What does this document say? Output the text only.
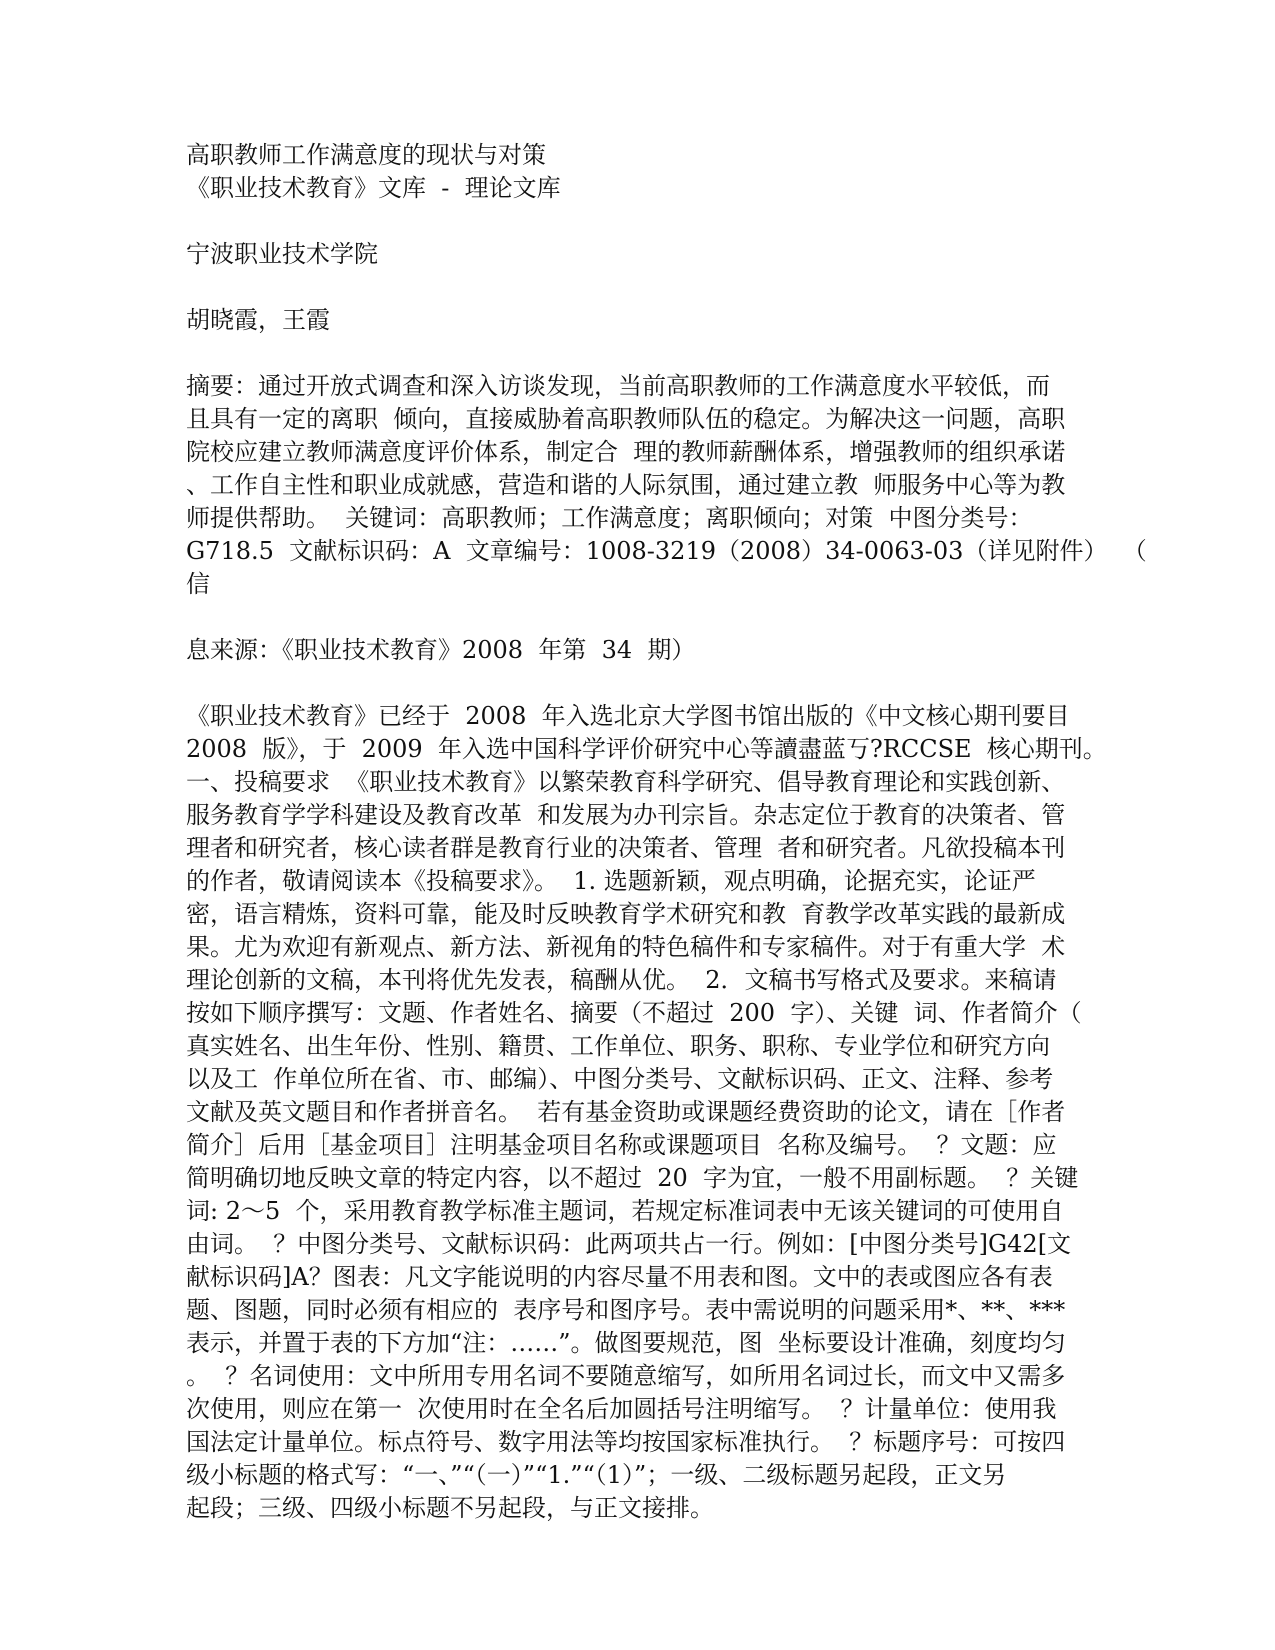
高职教师工作满意度的现状与对策

《职业技术教育》文库  -  理论文库

宁波职业技术学院

胡晓霞，王霞

摘要：通过开放式调查和深入访谈发现，当前高职教师的工作满意度水平较低，而

且具有一定的离职  倾向，直接威胁着高职教师队伍的稳定。为解决这一问题，高职

院校应建立教师满意度评价体系，制定合  理的教师薪酬体系，增强教师的组织承诺

、工作自主性和职业成就感，营造和谐的人际氛围，通过建立教  师服务中心等为教

师提供帮助。  关键词：高职教师；工作满意度；离职倾向；对策  中图分类号：

G718.5  文献标识码：A  文章编号：1008-3219（2008）34-0063-03（详见附件）  （

信

息来源：《职业技术教育》2008  年第  34  期）

《职业技术教育》已经于  2008  年入选北京大学图书馆出版的《中文核心期刊要目

2008  版》，于  2009  年入选中国科学评价研究中心等讀盡蓝丂?RCCSE  核心期刊。

一、投稿要求  《职业技术教育》以繁荣教育科学研究、倡导教育理论和实践创新、

服务教育学学科建设及教育改革  和发展为办刊宗旨。杂志定位于教育的决策者、管

理者和研究者，核心读者群是教育行业的决策者、管理  者和研究者。凡欲投稿本刊

的作者，敬请阅读本《投稿要求》。  1. 选题新颖，观点明确，论据充实，论证严

密，语言精炼，资料可靠，能及时反映教育学术研究和教  育教学改革实践的最新成

果。尤为欢迎有新观点、新方法、新视角的特色稿件和专家稿件。对于有重大学  术

理论创新的文稿，本刊将优先发表，稿酬从优。  2．文稿书写格式及要求。来稿请

按如下顺序撰写：文题、作者姓名、摘要（不超过  200  字）、关键  词、作者简介（

真实姓名、出生年份、性别、籍贯、工作单位、职务、职称、专业学位和研究方向

以及工  作单位所在省、市、邮编）、中图分类号、文献标识码、正文、注释、参考

文献及英文题目和作者拼音名。  若有基金资助或课题经费资助的论文，请在［作者

简介］后用［基金项目］注明基金项目名称或课题项目  名称及编号。  ？文题：应

简明确切地反映文章的特定内容，以不超过  20  字为宜，一般不用副标题。  ？关键

词: 2～5  个，采用教育教学标准主题词，若规定标准词表中无该关键词的可使用自

由词。  ？中图分类号、文献标识码：此两项共占一行。例如：[中图分类号]G42[文

献标识码]A？图表：凡文字能说明的内容尽量不用表和图。文中的表或图应各有表

题、图题，同时必须有相应的  表序号和图序号。表中需说明的问题采用*、**、***

表示，并置于表的下方加“注：……”。做图要规范，图  坐标要设计准确，刻度均匀

。  ？名词使用：文中所用专用名词不要随意缩写，如所用名词过长，而文中又需多

次使用，则应在第一  次使用时在全名后加圆括号注明缩写。  ？计量单位：使用我

国法定计量单位。标点符号、数字用法等均按国家标准执行。  ？标题序号：可按四

级小标题的格式写：“一、”“（一）”“1.”“（1）”；一级、二级标题另起段，正文另

起段；三级、四级小标题不另起段，与正文接排。
